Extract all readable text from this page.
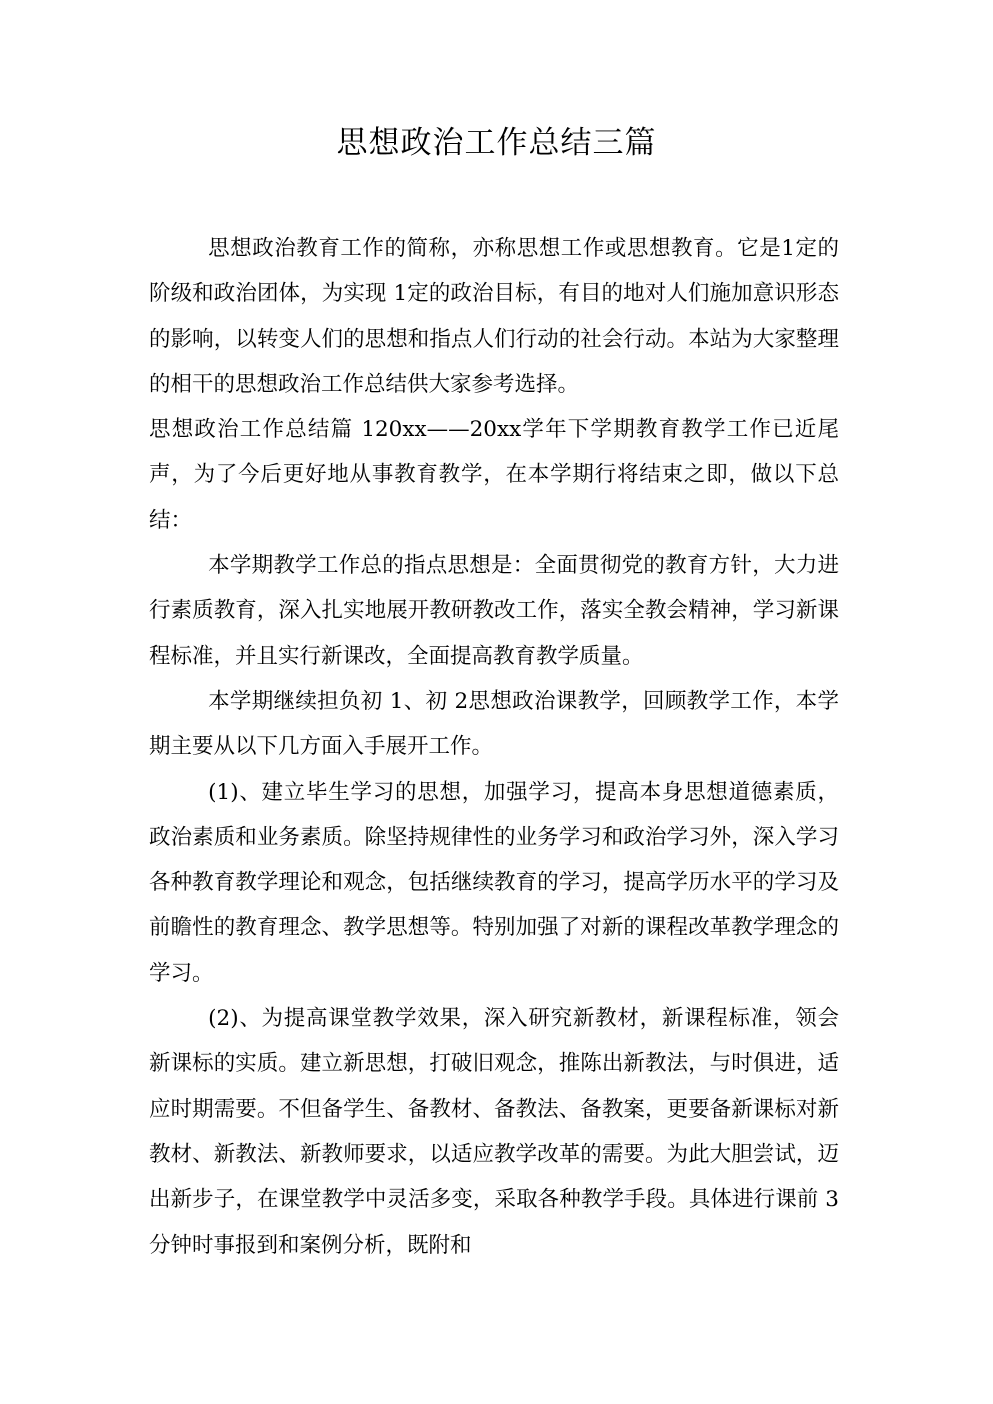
思想政治工作总结三篇

思想政治教育工作的简称，亦称思想工作或思想教育。它是1定的阶级和政治团体，为实现 1定的政治目标，有目的地对人们施加意识形态的影响，以转变人们的思想和指点人们行动的社会行动。本站为大家整理的相干的思想政治工作总结供大家参考选择。

思想政治工作总结篇 120xx——20xx学年下学期教育教学工作已近尾声，为了今后更好地从事教育教学，在本学期行将结束之即，做以下总结：

本学期教学工作总的指点思想是：全面贯彻党的教育方针，大力进行素质教育，深入扎实地展开教研教改工作，落实全教会精神，学习新课程标准，并且实行新课改，全面提高教育教学质量。

本学期继续担负初 1、初 2思想政治课教学，回顾教学工作，本学期主要从以下几方面入手展开工作。

(1)、建立毕生学习的思想，加强学习，提高本身思想道德素质，政治素质和业务素质。除坚持规律性的业务学习和政治学习外，深入学习各种教育教学理论和观念，包括继续教育的学习，提高学历水平的学习及前瞻性的教育理念、教学思想等。特别加强了对新的课程改革教学理念的学习。

(2)、为提高课堂教学效果，深入研究新教材，新课程标准，领会新课标的实质。建立新思想，打破旧观念，推陈出新教法，与时俱进，适应时期需要。不但备学生、备教材、备教法、备教案，更要备新课标对新教材、新教法、新教师要求，以适应教学改革的需要。为此大胆尝试，迈出新步子，在课堂教学中灵活多变，采取各种教学手段。具体进行课前 3分钟时事报到和案例分析，既附和
